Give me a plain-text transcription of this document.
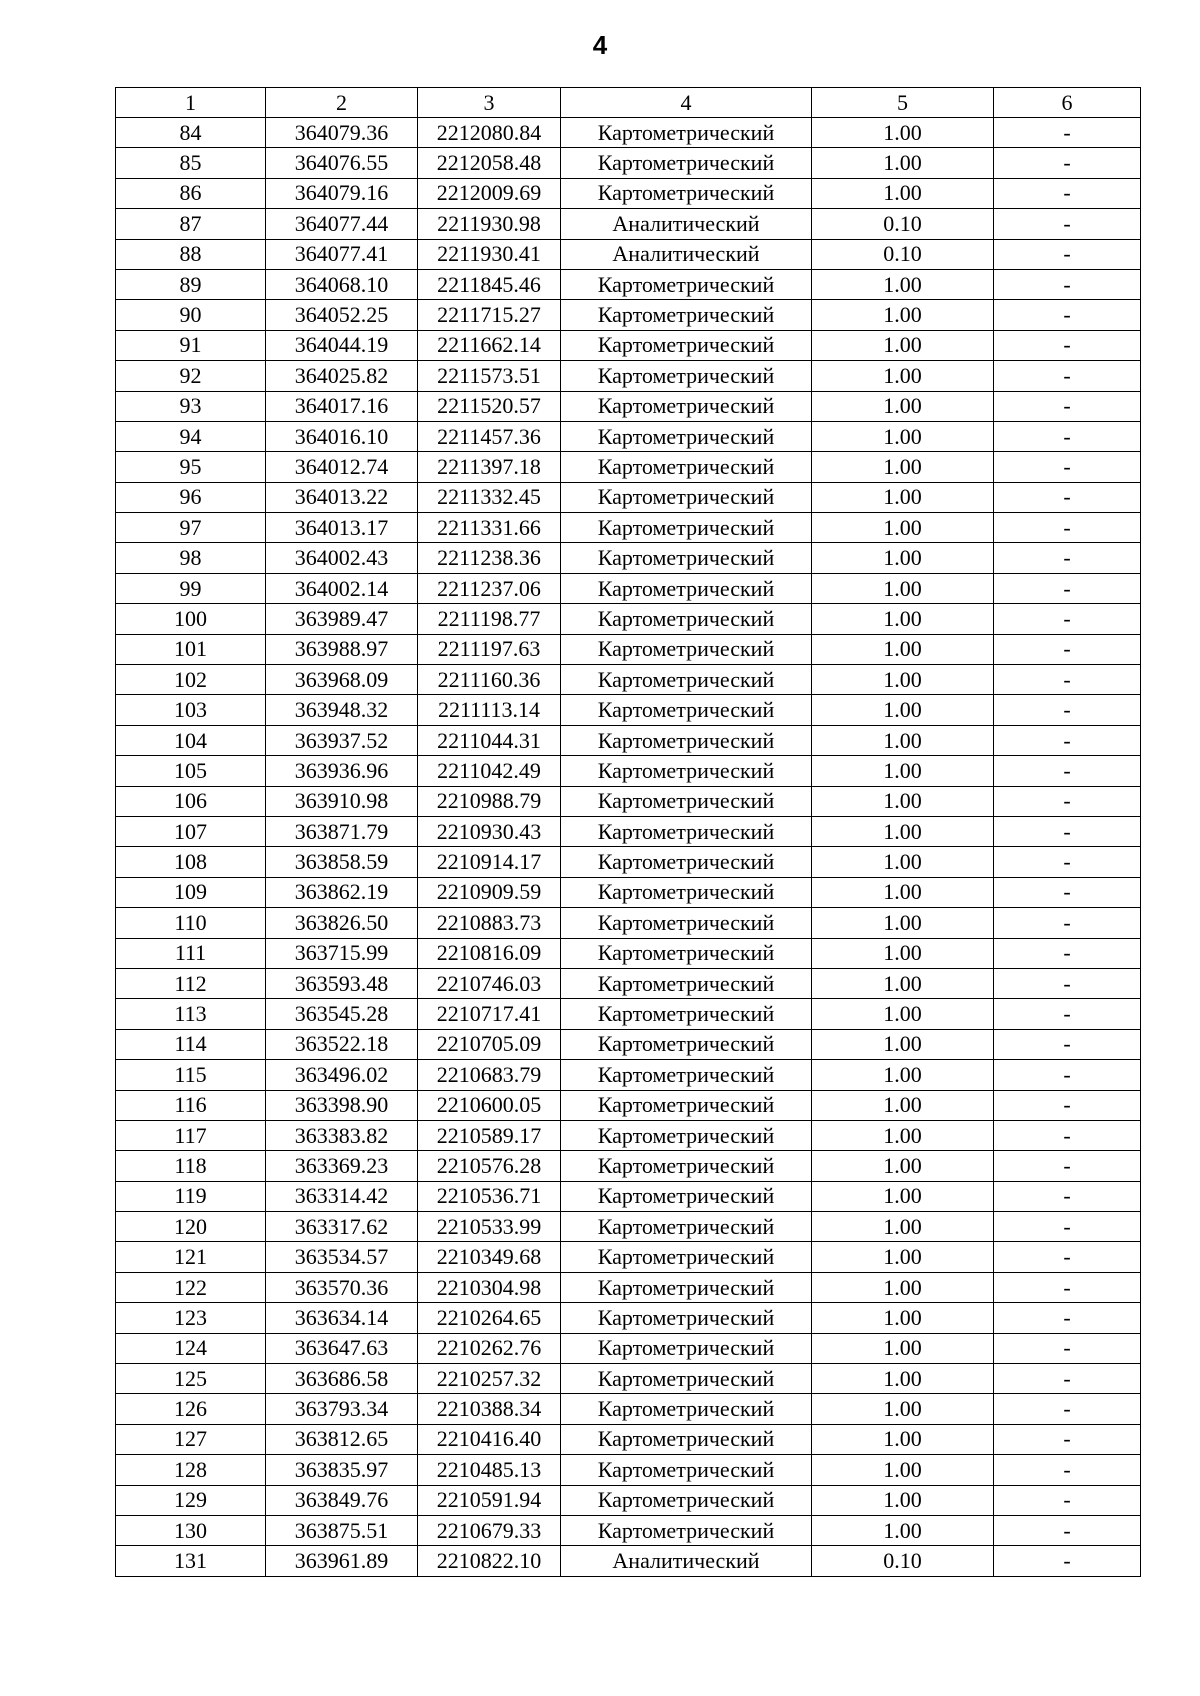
4
1	2	3	4	5	6
84	364079.36	2212080.84	Картометрический	1.00	-
85	364076.55	2212058.48	Картометрический	1.00	-
86	364079.16	2212009.69	Картометрический	1.00	-
87	364077.44	2211930.98	Аналитический	0.10	-
88	364077.41	2211930.41	Аналитический	0.10	-
89	364068.10	2211845.46	Картометрический	1.00	-
90	364052.25	2211715.27	Картометрический	1.00	-
91	364044.19	2211662.14	Картометрический	1.00	-
92	364025.82	2211573.51	Картометрический	1.00	-
93	364017.16	2211520.57	Картометрический	1.00	-
94	364016.10	2211457.36	Картометрический	1.00	-
95	364012.74	2211397.18	Картометрический	1.00	-
96	364013.22	2211332.45	Картометрический	1.00	-
97	364013.17	2211331.66	Картометрический	1.00	-
98	364002.43	2211238.36	Картометрический	1.00	-
99	364002.14	2211237.06	Картометрический	1.00	-
100	363989.47	2211198.77	Картометрический	1.00	-
101	363988.97	2211197.63	Картометрический	1.00	-
102	363968.09	2211160.36	Картометрический	1.00	-
103	363948.32	2211113.14	Картометрический	1.00	-
104	363937.52	2211044.31	Картометрический	1.00	-
105	363936.96	2211042.49	Картометрический	1.00	-
106	363910.98	2210988.79	Картометрический	1.00	-
107	363871.79	2210930.43	Картометрический	1.00	-
108	363858.59	2210914.17	Картометрический	1.00	-
109	363862.19	2210909.59	Картометрический	1.00	-
110	363826.50	2210883.73	Картометрический	1.00	-
111	363715.99	2210816.09	Картометрический	1.00	-
112	363593.48	2210746.03	Картометрический	1.00	-
113	363545.28	2210717.41	Картометрический	1.00	-
114	363522.18	2210705.09	Картометрический	1.00	-
115	363496.02	2210683.79	Картометрический	1.00	-
116	363398.90	2210600.05	Картометрический	1.00	-
117	363383.82	2210589.17	Картометрический	1.00	-
118	363369.23	2210576.28	Картометрический	1.00	-
119	363314.42	2210536.71	Картометрический	1.00	-
120	363317.62	2210533.99	Картометрический	1.00	-
121	363534.57	2210349.68	Картометрический	1.00	-
122	363570.36	2210304.98	Картометрический	1.00	-
123	363634.14	2210264.65	Картометрический	1.00	-
124	363647.63	2210262.76	Картометрический	1.00	-
125	363686.58	2210257.32	Картометрический	1.00	-
126	363793.34	2210388.34	Картометрический	1.00	-
127	363812.65	2210416.40	Картометрический	1.00	-
128	363835.97	2210485.13	Картометрический	1.00	-
129	363849.76	2210591.94	Картометрический	1.00	-
130	363875.51	2210679.33	Картометрический	1.00	-
131	363961.89	2210822.10	Аналитический	0.10	-
